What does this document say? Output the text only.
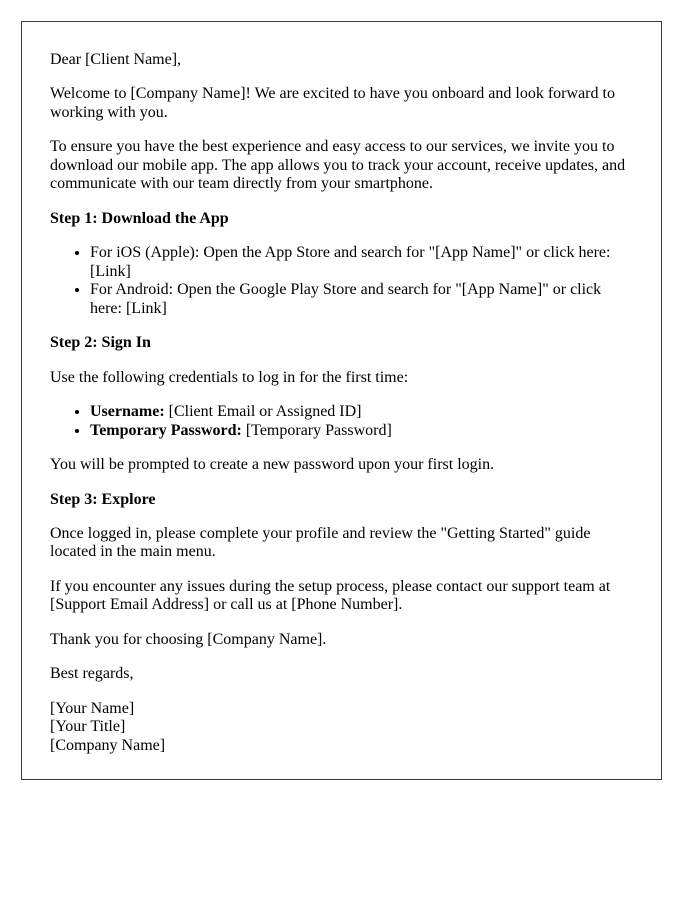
Dear [Client Name],

Welcome to [Company Name]! We are excited to have you onboard and look forward to working with you.

To ensure you have the best experience and easy access to our services, we invite you to download our mobile app. The app allows you to track your account, receive updates, and communicate with our team directly from your smartphone.

Step 1: Download the App

• For iOS (Apple): Open the App Store and search for "[App Name]" or click here: [Link]
• For Android: Open the Google Play Store and search for "[App Name]" or click here: [Link]

Step 2: Sign In

Use the following credentials to log in for the first time:

• Username: [Client Email or Assigned ID]
• Temporary Password: [Temporary Password]

You will be prompted to create a new password upon your first login.

Step 3: Explore

Once logged in, please complete your profile and review the "Getting Started" guide located in the main menu.

If you encounter any issues during the setup process, please contact our support team at [Support Email Address] or call us at [Phone Number].

Thank you for choosing [Company Name].

Best regards,

[Your Name]
[Your Title]
[Company Name]
